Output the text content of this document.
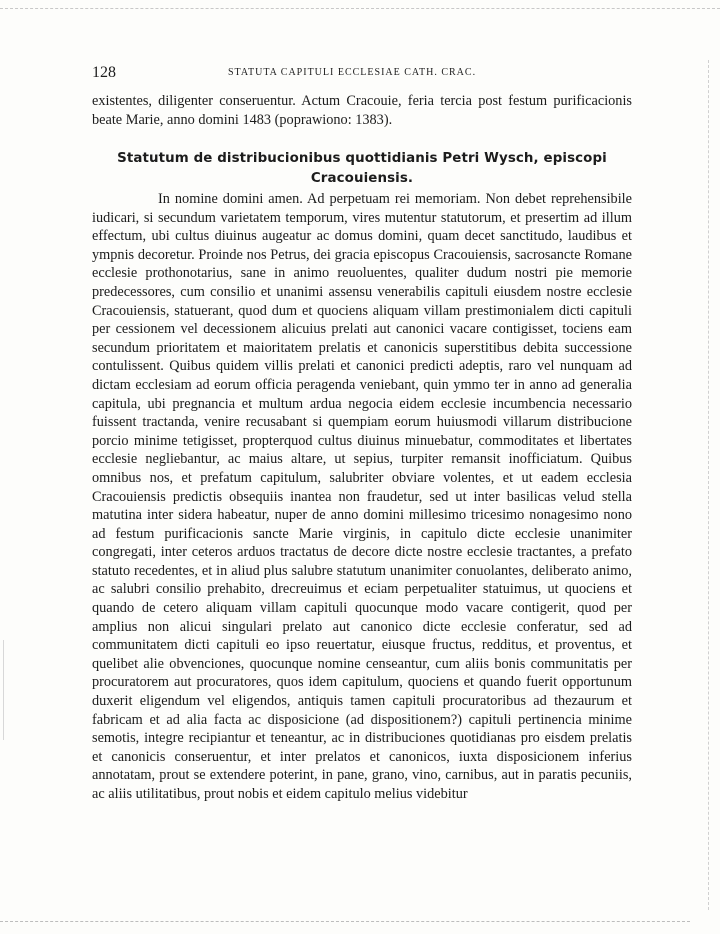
128	STATUTA CAPITULI ECCLESIAE CATH. CRAC.

existentes, diligenter conseruentur. Actum Cracouie, feria tercia post festum purificacionis beate Marie, anno domini 1483 (poprawiono: 1383).

Statutum de distribucionibus quottidianis Petri Wysch, episcopi Cracouiensis.

In nomine domini amen. Ad perpetuam rei memoriam. Non debet reprehensibile iudicari, si secundum varietatem temporum, vires mutentur statutorum, et presertim ad illum effectum, ubi cultus diuinus augeatur ac domus domini, quam decet sanctitudo, laudibus et ympnis decoretur. Proinde nos Petrus, dei gracia episcopus Cracouiensis, sacrosancte Romane ecclesie prothonotarius, sane in animo reuoluentes, qualiter dudum nostri pie memorie predecessores, cum consilio et unanimi assensu venerabilis capituli eiusdem nostre ecclesie Cracouiensis, statuerant, quod dum et quociens aliquam villam prestimonialem dicti capituli per cessionem vel decessionem alicuius prelati aut canonici vacare contigisset, tociens eam secundum prioritatem et maioritatem prelatis et canonicis superstitibus debita successione contulissent. Quibus quidem villis prelati et canonici predicti adeptis, raro vel nunquam ad dictam ecclesiam ad eorum officia peragenda veniebant, quin ymmo ter in anno ad generalia capitula, ubi pregnancia et multum ardua negocia eidem ecclesie incumbencia necessario fuissent tractanda, venire recusabant si quempiam eorum huiusmodi villarum distribucione porcio minime tetigisset, propterquod cultus diuinus minuebatur, commoditates et libertates ecclesie negliebantur, ac maius altare, ut sepius, turpiter remansit inofficiatum. Quibus omnibus nos, et prefatum capitulum, salubriter obviare volentes, et ut eadem ecclesia Cracouiensis predictis obsequiis inantea non fraudetur, sed ut inter basilicas velud stella matutina inter sidera habeatur, nuper de anno domini millesimo tricesimo nonagesimo nono ad festum purificacionis sancte Marie virginis, in capitulo dicte ecclesie unanimiter congregati, inter ceteros arduos tractatus de decore dicte nostre ecclesie tractantes, a prefato statuto recedentes, et in aliud plus salubre statutum unanimiter conuolantes, deliberato animo, ac salubri consilio prehabito, drecreuimus et eciam perpetualiter statuimus, ut quociens et quando de cetero aliquam villam capituli quocunque modo vacare contigerit, quod per amplius non alicui singulari prelato aut canonico dicte ecclesie conferatur, sed ad communitatem dicti capituli eo ipso reuertatur, eiusque fructus, redditus, et proventus, et quelibet alie obvenciones, quocunque nomine censeantur, cum aliis bonis communitatis per procuratorem aut procuratores, quos idem capitulum, quociens et quando fuerit opportunum duxerit eligendum vel eligendos, antiquis tamen capituli procuratoribus ad thezaurum et fabricam et ad alia facta ac disposicione (ad dispositionem?) capituli pertinencia minime semotis, integre recipiantur et teneantur, ac in distribuciones quotidianas pro eisdem prelatis et canonicis conseruentur, et inter prelatos et canonicos, iuxta disposicionem inferius annotatam, prout se extendere poterint, in pane, grano, vino, carnibus, aut in paratis pecuniis, ac aliis utilitatibus, prout nobis et eidem capitulo melius videbitur
